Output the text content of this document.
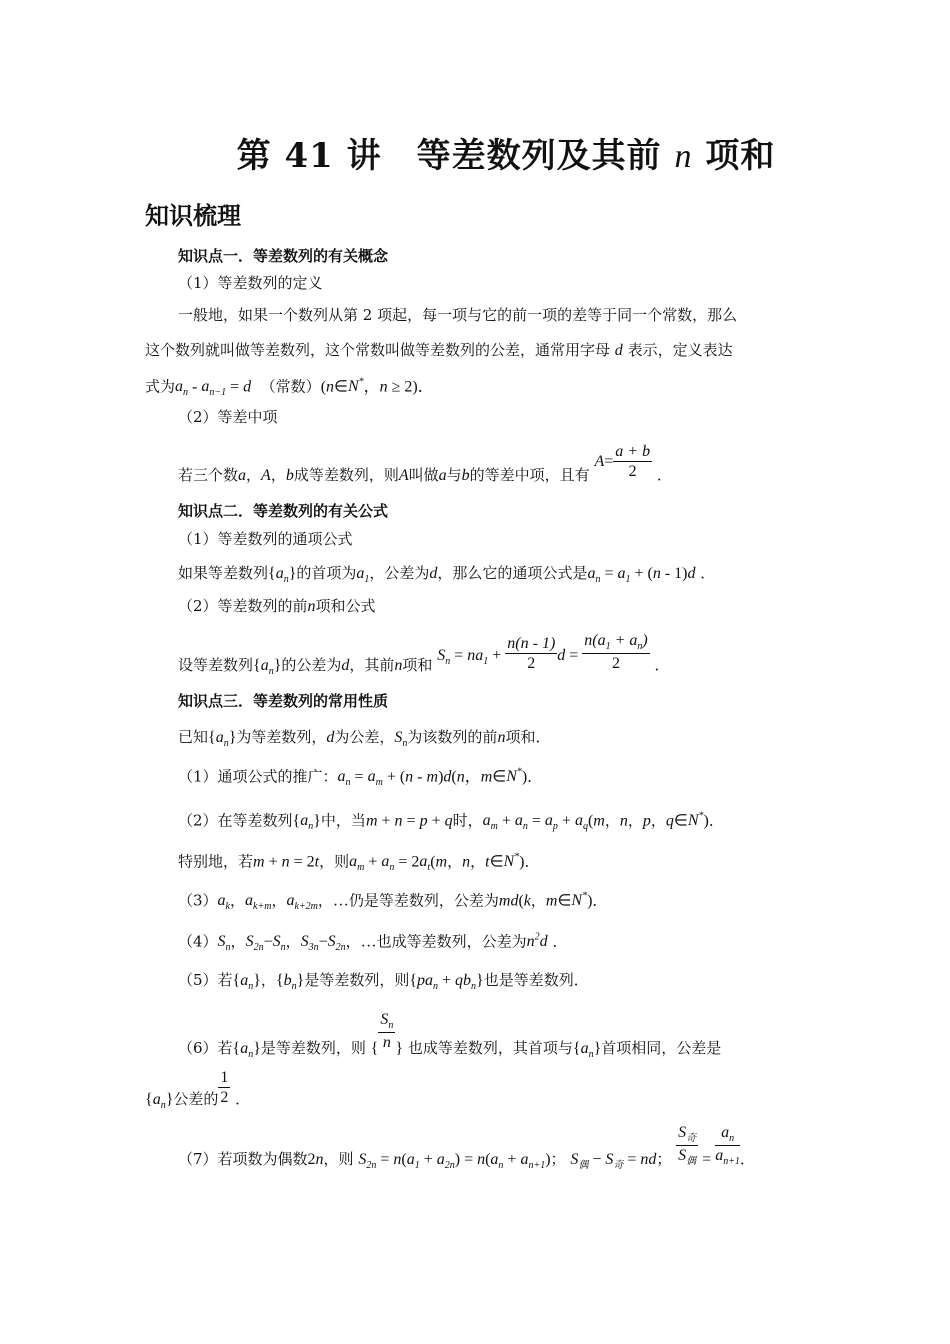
第 41 讲　等差数列及其前 n 项和
知识梳理
知识点一．等差数列的有关概念
（1）等差数列的定义
一般地，如果一个数列从第 2 项起，每一项与它的前一项的差等于同一个常数，那么
这个数列就叫做等差数列，这个常数叫做等差数列的公差，通常用字母 d 表示，定义表达
式为$a_n - a_{n-1} = d$ （常数）(n∈N*，n ≥ 2)．
（2）等差中项
若三个数a，A，b成等差数列，则A叫做a与b的等差中项，且有 $A= \frac{a + b}{2}$ ．
知识点二．等差数列的有关公式
（1）等差数列的通项公式
如果等差数列$\{a_n\}$的首项为$a_1$，公差为d，那么它的通项公式是$a_n = a_1 + (n - 1)d$ ．
（2）等差数列的前n项和公式
设等差数列$\{a_n\}$的公差为d，其前n项和 $S_n = na_1 + \frac{n(n - 1)}{2}$ $d = \frac{n(a_1 + a_n)}{2}$ ．
知识点三．等差数列的常用性质
已知$\{a_n\}$为等差数列，d为公差，$S_n$为该数列的前n项和．
（1）通项公式的推广：$a_n = a_m + (n - m)d(n$，m∈N*)．
（2）在等差数列$\{a_n\}$中，当m + n = p + q时，$a_m + a_n = a_p + a_q(m$，n，p，q∈N*)．
特别地，若m + n = 2t，则$a_m + a_n = 2a_t(m$，n，t∈N*)．
$(3)a_k$，$a_{k+m}$，$a_{k+2m}$，…仍是等差数列，公差为md(k，m∈N*)．
$(4)S_n$，$S_{2n}-S_n$，$S_{3n}-S_{2n}$，…也成等差数列，公差为$n^2d$ ．
（5）若$\{a_n\}$，$\{b_n\}$是等差数列，则$\{pa_n + qb_n\}$也是等差数列．
（6）若$\{a_n\}$是等差数列，则 { $\frac{S_n}{n}$ } 也成等差数列，其首项与$\{a_n\}$首项相同，公差是
$\{a_n\}$公差的 $\frac{1}{2}$ ．
（7）若项数为偶数2n，则 $S_{2n} = n(a_1 + a_{2n}) = n(a_n + a_{n+1})$； $S_偶 - S_奇$ = nd； $\frac{S_奇}{S_偶} = \frac{a_n}{a_{n+1}}$ ．
